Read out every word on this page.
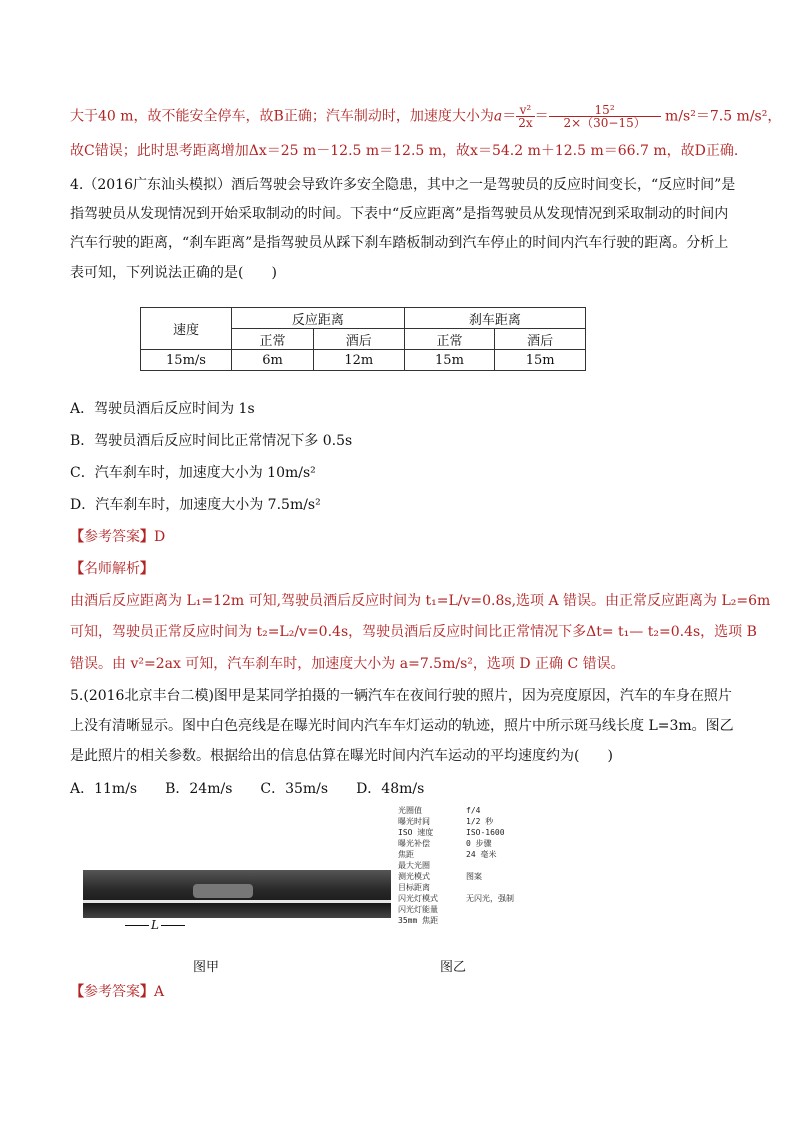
大于40 m，故不能安全停车，故B正确；汽车制动时，加速度大小为$a= \frac{\text{v²}}{2x} = \frac{\text{15²}}{2\times(30-15)} m/s^2=7.5$ m/s²，
故C错误；此时思考距离增加Δx＝25 m－12.5 m＝12.5 m，故x＝54.2 m＋12.5 m＝66.7 m，故D正确.
4.（2016广东汕头模拟）酒后驾驶会导致许多安全隐患，其中之一是驾驶员的反应时间变长，“反应时间”是
指驾驶员从发现情况到开始采取制动的时间。下表中“反应距离”是指驾驶员从发现情况到采取制动的时间内
汽车行驶的距离，“刹车距离”是指驾驶员从踩下刹车踏板制动到汽车停止的时间内汽车行驶的距离。分析上
表可知，下列说法正确的是(　　)
速度	反应距离		刹车距离	
	正常	酒后	正常	酒后
15m/s	6m	12m	15m	15m
A．驾驶员酒后反应时间为 1s
B．驾驶员酒后反应时间比正常情况下多 0.5s
C．汽车刹车时，加速度大小为 10m/s²
D．汽车刹车时，加速度大小为 7.5m/s²
【参考答案】D
【名师解析】
由酒后反应距离为 L₁=12m 可知,驾驶员酒后反应时间为 t₁=L/v=0.8s,选项 A 错误。由正常反应距离为 L₂=6m
可知，驾驶员正常反应时间为 t₂=L₂/v=0.4s，驾驶员酒后反应时间比正常情况下多Δt= t₁— t₂=0.4s，选项 B
错误。由 v²=2ax 可知，汽车刹车时，加速度大小为 a=7.5m/s²，选项 D 正确 C 错误。
5.(2016北京丰台二模)图甲是某同学拍摄的一辆汽车在夜间行驶的照片，因为亮度原因，汽车的车身在照片
上没有清晰显示。图中白色亮线是在曝光时间内汽车车灯运动的轨迹，照片中所示斑马线长度 L=3m。图乙
是此照片的相关参数。根据给出的信息估算在曝光时间内汽车运动的平均速度约为(　　)
A．11m/s　　B．24m/s　　C．35m/s　　D．48m/s
L
光圈值	f/4
曝光时间	1/2 秒
ISO 速度	ISO-1600
曝光补偿	0 步骤
焦距	24 毫米
最大光圈
测光模式	图案
目标距离
闪光灯模式	无闪光，强制
闪光灯能量
35mm 焦距
图甲	图乙
【参考答案】A
